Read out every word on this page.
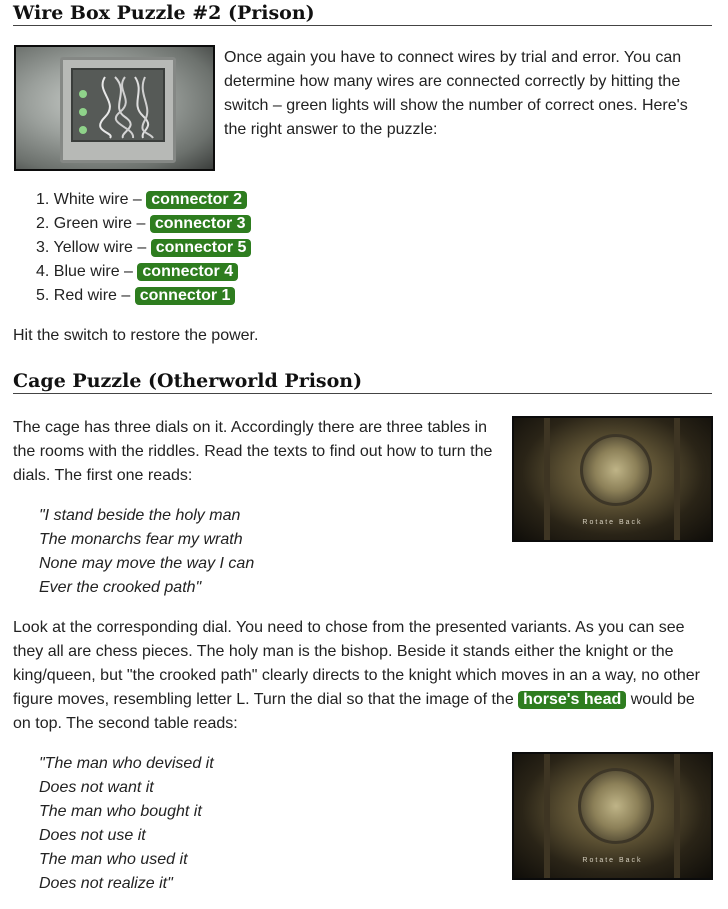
Wire Box Puzzle #2 (Prison)

Once again you have to connect wires by trial and error. You can determine how many wires are connected correctly by hitting the switch – green lights will show the number of correct ones. Here's the right answer to the puzzle:

1. White wire – connector 2
2. Green wire – connector 3
3. Yellow wire – connector 5
4. Blue wire – connector 4
5. Red wire – connector 1

Hit the switch to restore the power.

Cage Puzzle (Otherworld Prison)

The cage has three dials on it. Accordingly there are three tables in the rooms with the riddles. Read the texts to find out how to turn the dials. The first one reads:

Rotate Back
"I stand beside the holy man
The monarchs fear my wrath
None may move the way I can
Ever the crooked path"

Look at the corresponding dial. You need to chose from the presented variants. As you can see they all are chess pieces. The holy man is the bishop. Beside it stands either the knight or the king/queen, but "the crooked path" clearly directs to the knight which moves in an a way, no other figure moves, resembling letter L. Turn the dial so that the image of the horse's head would be on top. The second table reads:

Rotate Back
"The man who devised it
Does not want it
The man who bought it
Does not use it
The man who used it
Does not realize it"
